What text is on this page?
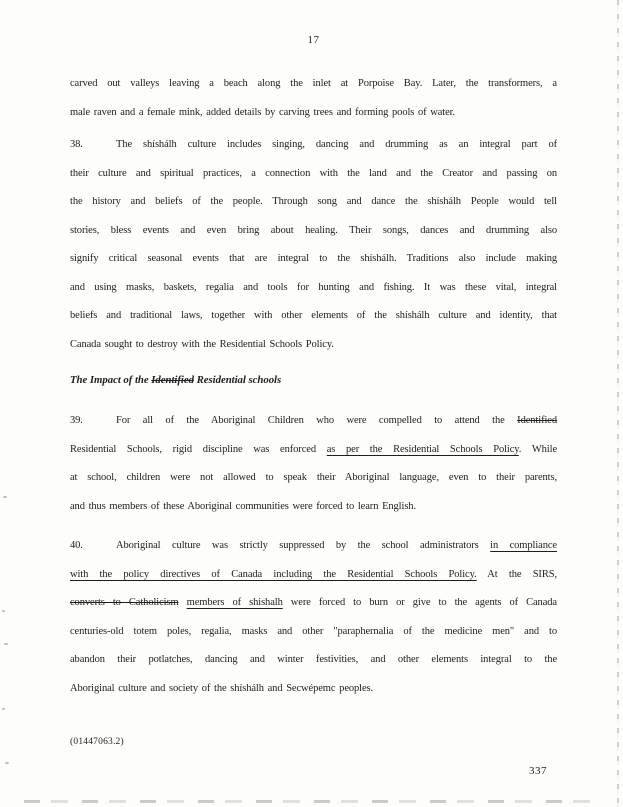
17
carved out valleys leaving a beach along the inlet at Porpoise Bay. Later, the transformers, a
male raven and a female mink, added details by carving trees and forming pools of water.
38.	The shíshálh culture includes singing, dancing and drumming as an integral part of
their culture and spiritual practices, a connection with the land and the Creator and passing on
the history and beliefs of the people. Through song and dance the shíshálh People would tell
stories, bless events and even bring about healing. Their songs, dances and drumming also
signify critical seasonal events that are integral to the shíshálh. Traditions also include making
and using masks, baskets, regalia and tools for hunting and fishing. It was these vital, integral
beliefs and traditional laws, together with other elements of the shíshálh culture and identity, that
Canada sought to destroy with the Residential Schools Policy.
The Impact of the Identified Residential schools
39.	For all of the Aboriginal Children who were compelled to attend the Identified
Residential Schools, rigid discipline was enforced as per the Residential Schools Policy. While
at school, children were not allowed to speak their Aboriginal language, even to their parents,
and thus members of these Aboriginal communities were forced to learn English.
40.	Aboriginal culture was strictly suppressed by the school administrators in compliance
with the policy directives of Canada including the Residential Schools Policy. At the SIRS,
converts to Catholicism members of shishalh were forced to burn or give to the agents of Canada
centuries-old totem poles, regalia, masks and other "paraphernalia of the medicine men" and to
abandon their potlatches, dancing and winter festivities, and other elements integral to the
Aboriginal culture and society of the shíshálh and Secwépemc peoples.
(01447063.2)
337
